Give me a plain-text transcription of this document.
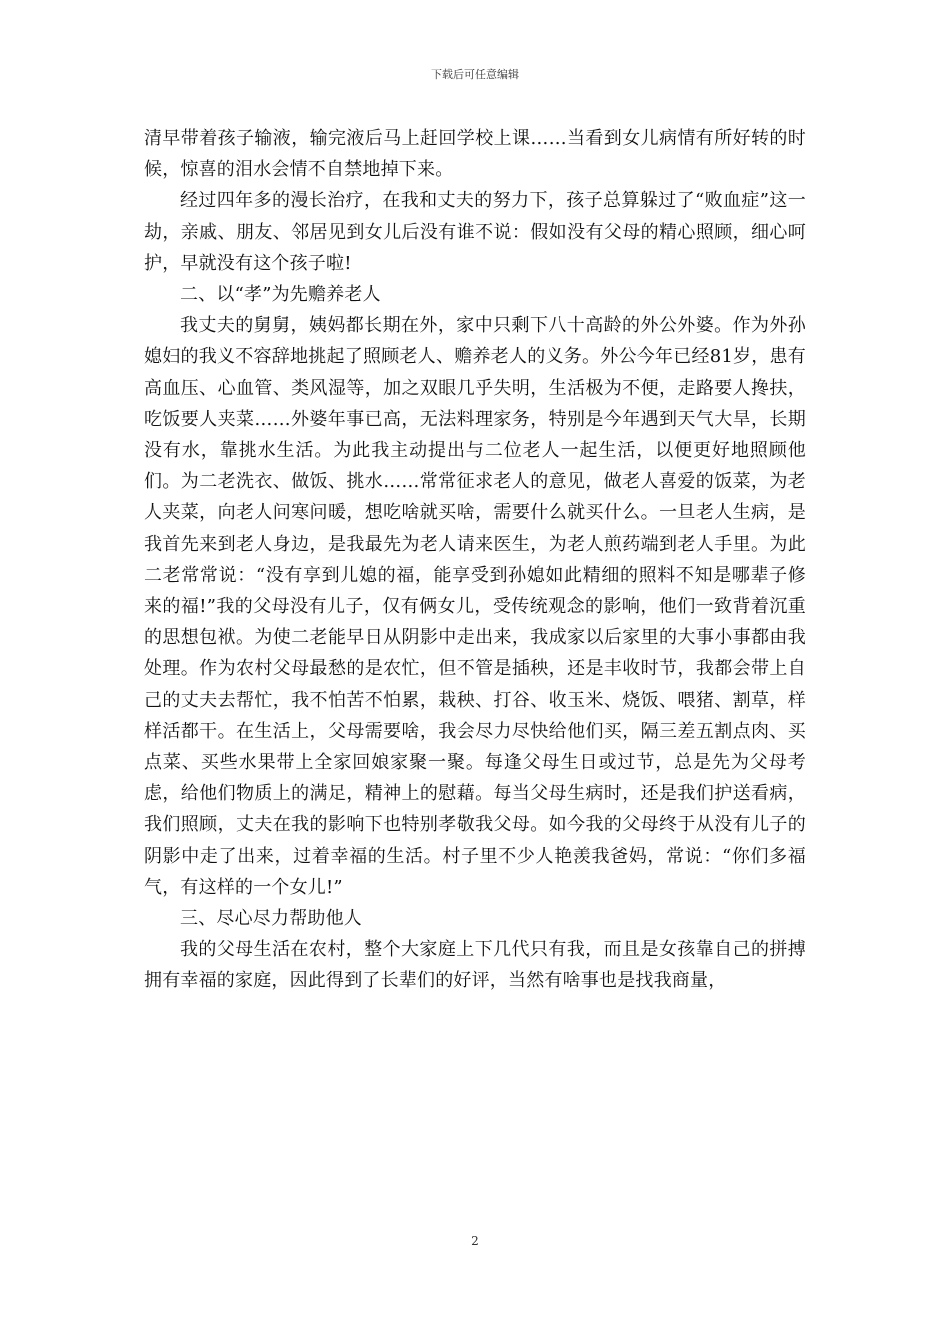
下载后可任意编辑

清早带着孩子输液，输完液后马上赶回学校上课……当看到女儿病情有所好转的时候，惊喜的泪水会情不自禁地掉下来。

经过四年多的漫长治疗，在我和丈夫的努力下，孩子总算躲过了“败血症”这一劫，亲戚、朋友、邻居见到女儿后没有谁不说：假如没有父母的精心照顾，细心呵护，早就没有这个孩子啦!

二、以“孝”为先赡养老人

我丈夫的舅舅，姨妈都长期在外，家中只剩下八十高龄的外公外婆。作为外孙媳妇的我义不容辞地挑起了照顾老人、赡养老人的义务。外公今年已经81岁，患有高血压、心血管、类风湿等，加之双眼几乎失明，生活极为不便，走路要人搀扶，吃饭要人夹菜……外婆年事已高，无法料理家务，特别是今年遇到天气大旱，长期没有水，靠挑水生活。为此我主动提出与二位老人一起生活，以便更好地照顾他们。为二老洗衣、做饭、挑水……常常征求老人的意见，做老人喜爱的饭菜，为老人夹菜，向老人问寒问暖，想吃啥就买啥，需要什么就买什么。一旦老人生病，是我首先来到老人身边，是我最先为老人请来医生，为老人煎药端到老人手里。为此二老常常说：“没有享到儿媳的福，能享受到孙媳如此精细的照料不知是哪辈子修来的福!”我的父母没有儿子，仅有俩女儿，受传统观念的影响，他们一致背着沉重的思想包袱。为使二老能早日从阴影中走出来，我成家以后家里的大事小事都由我处理。作为农村父母最愁的是农忙，但不管是插秧，还是丰收时节，我都会带上自己的丈夫去帮忙，我不怕苦不怕累，栽秧、打谷、收玉米、烧饭、喂猪、割草，样样活都干。在生活上，父母需要啥，我会尽力尽快给他们买，隔三差五割点肉、买点菜、买些水果带上全家回娘家聚一聚。每逢父母生日或过节，总是先为父母考虑，给他们物质上的满足，精神上的慰藉。每当父母生病时，还是我们护送看病，我们照顾，丈夫在我的影响下也特别孝敬我父母。如今我的父母终于从没有儿子的阴影中走了出来，过着幸福的生活。村子里不少人艳羡我爸妈，常说：“你们多福气，有这样的一个女儿!”

三、尽心尽力帮助他人

我的父母生活在农村，整个大家庭上下几代只有我，而且是女孩靠自己的拼搏拥有幸福的家庭，因此得到了长辈们的好评，当然有啥事也是找我商量，

2
